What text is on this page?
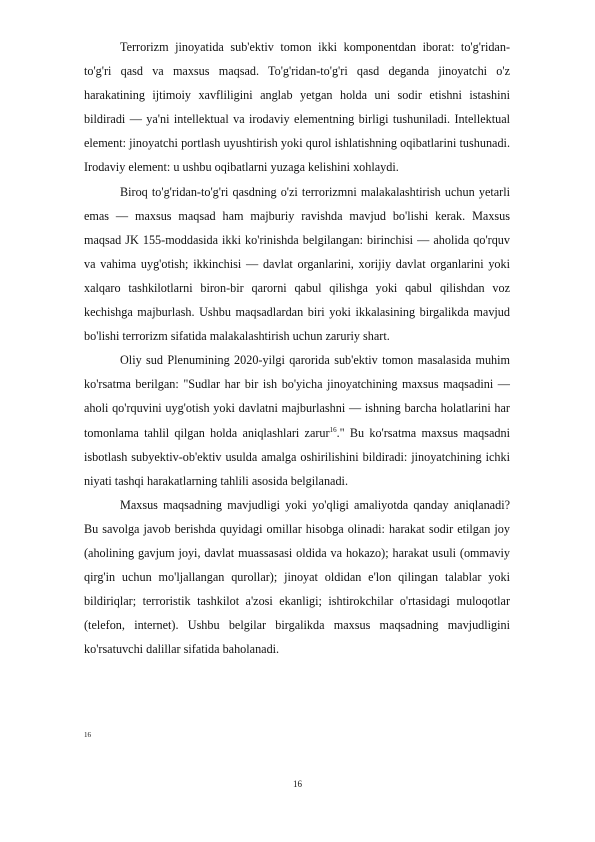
Terrorizm jinoyatida sub'ektiv tomon ikki komponentdan iborat: to'g'ridan-to'g'ri qasd va maxsus maqsad. To'g'ridan-to'g'ri qasd deganda jinoyatchi o'z harakatining ijtimoiy xavfliligini anglab yetgan holda uni sodir etishni istashini bildiradi — ya'ni intellektual va irodaviy elementning birligi tushuniladi. Intellektual element: jinoyatchi portlash uyushtirish yoki qurol ishlatishning oqibatlarini tushunadi. Irodaviy element: u ushbu oqibatlarni yuzaga kelishini xohlaydi.

Biroq to'g'ridan-to'g'ri qasdning o'zi terrorizmni malakalashtirish uchun yetarli emas — maxsus maqsad ham majburiy ravishda mavjud bo'lishi kerak. Maxsus maqsad JK 155-moddasida ikki ko'rinishda belgilangan: birinchisi — aholida qo'rquv va vahima uyg'otish; ikkinchisi — davlat organlarini, xorijiy davlat organlarini yoki xalqaro tashkilotlarni biron-bir qarorni qabul qilishga yoki qabul qilishdan voz kechishga majburlash. Ushbu maqsadlardan biri yoki ikkalasining birgalikda mavjud bo'lishi terrorizm sifatida malakalashtirish uchun zaruriy shart.

Oliy sud Plenumining 2020-yilgi qarorida sub'ektiv tomon masalasida muhim ko'rsatma berilgan: "Sudlar har bir ish bo'yicha jinoyatchining maxsus maqsadini — aholi qo'rquvini uyg'otish yoki davlatni majburlashni — ishning barcha holatlarini har tomonlama tahlil qilgan holda aniqlashlari zarur$^{16}$." Bu ko'rsatma maxsus maqsadni isbotlash subyektiv-ob'ektiv usulda amalga oshirilishini bildiradi: jinoyatchining ichki niyati tashqi harakatlarning tahlili asosida belgilanadi.

Maxsus maqsadning mavjudligi yoki yo'qligi amaliyotda qanday aniqlanadi? Bu savolga javob berishda quyidagi omillar hisobga olinadi: harakat sodir etilgan joy (aholining gavjum joyi, davlat muassasasi oldida va hokazo); harakat usuli (ommaviy qirg'in uchun mo'ljallangan qurollar); jinoyat oldidan e'lon qilingan talablar yoki bildiriqlar; terroristik tashkilot a'zosi ekanligi; ishtirokchilar o'rtasidagi muloqotlar (telefon, internet). Ushbu belgilar birgalikda maxsus maqsadning mavjudligini ko'rsatuvchi dalillar sifatida baholanadi.

16
16
